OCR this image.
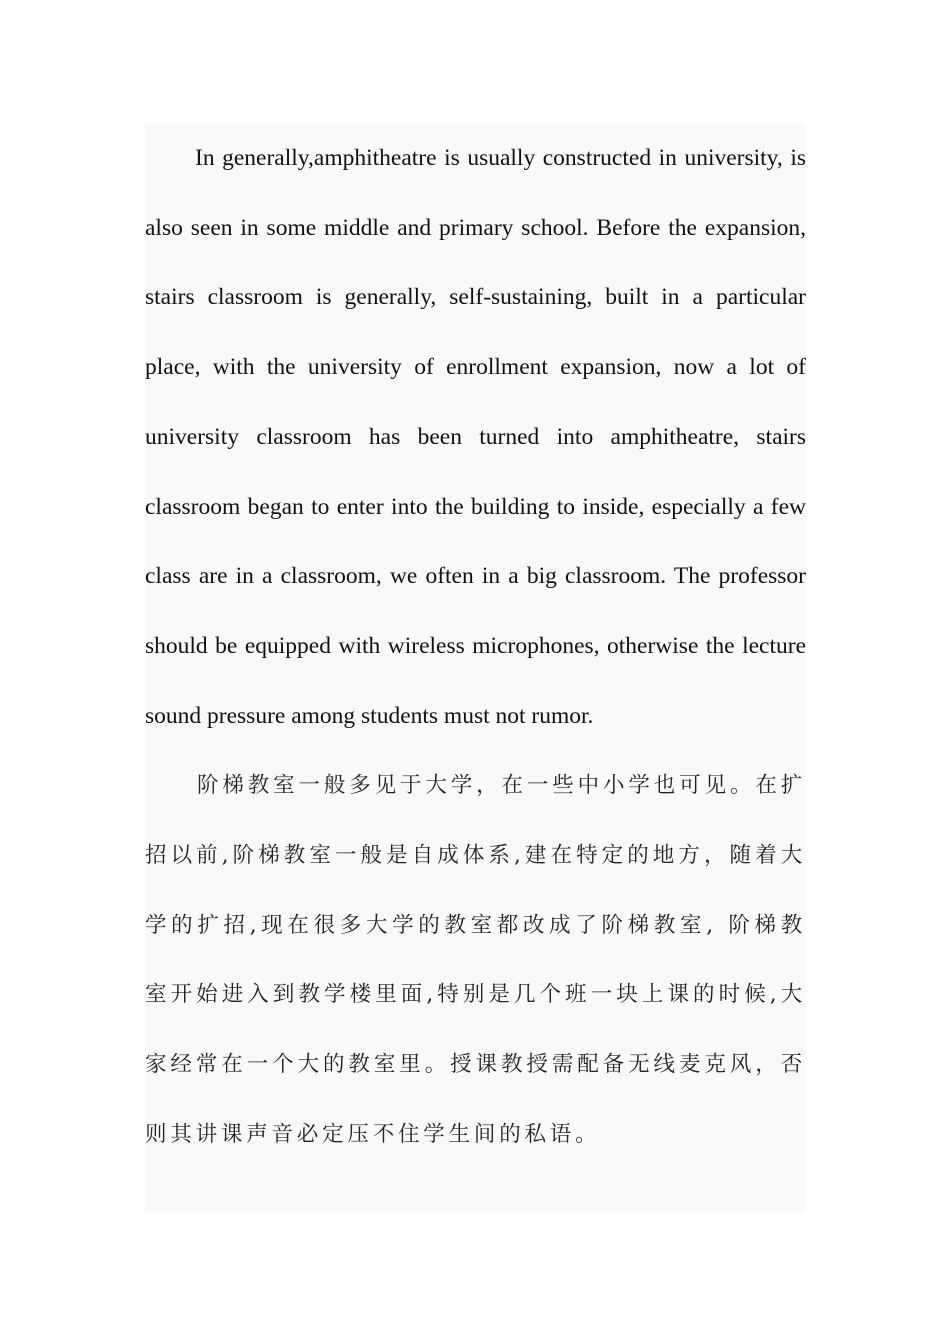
In generally,amphitheatre is usually constructed in university, is also seen in some middle and primary school. Before the expansion, stairs classroom is generally, self-sustaining, built in a particular place, with the university of enrollment expansion, now a lot of university classroom has been turned into amphitheatre, stairs classroom began to enter into the building to inside, especially a few class are in a classroom, we often in a big classroom. The professor should be equipped with wireless microphones, otherwise the lecture sound pressure among students must not rumor.

阶梯教室一般多见于大学，在一些中小学也可见。在扩招以前,阶梯教室一般是自成体系,建在特定的地方，随着大学的扩招,现在很多大学的教室都改成了阶梯教室, 阶梯教室开始进入到教学楼里面,特别是几个班一块上课的时候,大家经常在一个大的教室里。授课教授需配备无线麦克风，否则其讲课声音必定压不住学生间的私语。
